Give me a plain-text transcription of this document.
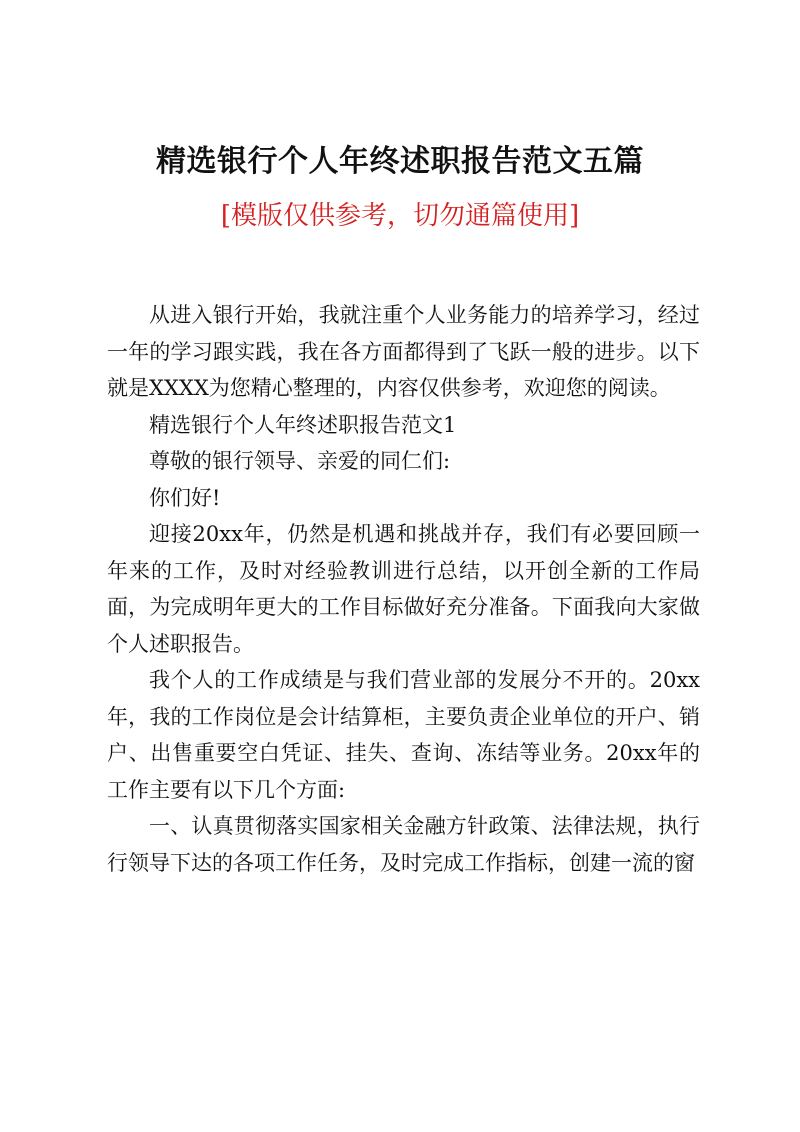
精选银行个人年终述职报告范文五篇

[模版仅供参考，切勿通篇使用]

从进入银行开始，我就注重个人业务能力的培养学习，经过一年的学习跟实践，我在各方面都得到了飞跃一般的进步。以下就是XXXX为您精心整理的，内容仅供参考，欢迎您的阅读。

精选银行个人年终述职报告范文1

尊敬的银行领导、亲爱的同仁们:

你们好!

迎接20xx年，仍然是机遇和挑战并存，我们有必要回顾一年来的工作，及时对经验教训进行总结，以开创全新的工作局面，为完成明年更大的工作目标做好充分准备。下面我向大家做个人述职报告。

我个人的工作成绩是与我们营业部的发展分不开的。20xx年，我的工作岗位是会计结算柜，主要负责企业单位的开户、销户、出售重要空白凭证、挂失、查询、冻结等业务。20xx年的工作主要有以下几个方面:

一、认真贯彻落实国家相关金融方针政策、法律法规，执行行领导下达的各项工作任务，及时完成工作指标，创建一流的窗
